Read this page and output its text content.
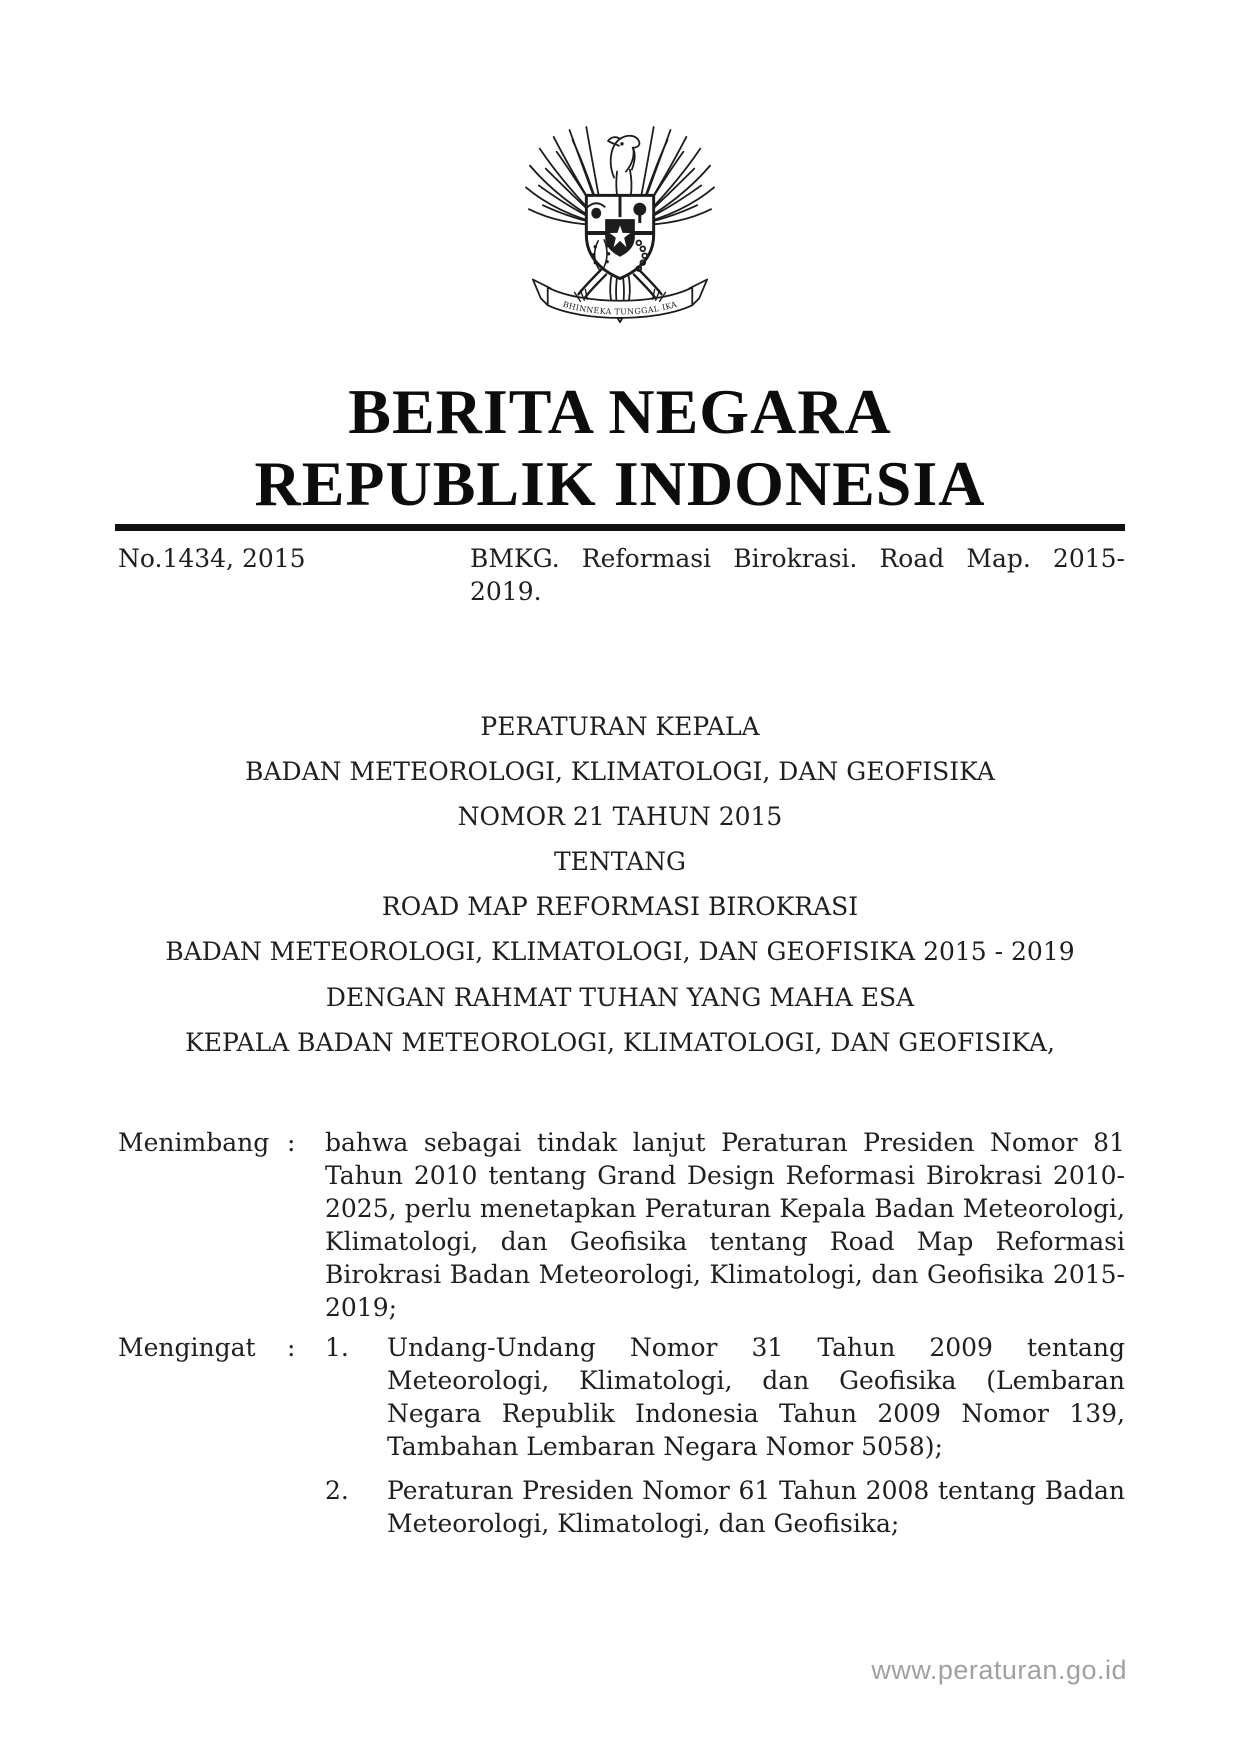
BHINNEKA TUNGGAL IKA
BERITA NEGARA
REPUBLIK INDONESIA
No.1434, 2015	BMKG. Reformasi Birokrasi. Road Map. 2015-2019.
PERATURAN KEPALA
BADAN METEOROLOGI, KLIMATOLOGI, DAN GEOFISIKA
NOMOR 21 TAHUN 2015
TENTANG
ROAD MAP REFORMASI BIROKRASI
BADAN METEOROLOGI, KLIMATOLOGI, DAN GEOFISIKA 2015 - 2019
DENGAN RAHMAT TUHAN YANG MAHA ESA
KEPALA BADAN METEOROLOGI, KLIMATOLOGI, DAN GEOFISIKA,
Menimbang :	bahwa sebagai tindak lanjut Peraturan Presiden Nomor 81 Tahun 2010 tentang Grand Design Reformasi Birokrasi 2010-2025, perlu menetapkan Peraturan Kepala Badan Meteorologi, Klimatologi, dan Geofisika tentang Road Map Reformasi Birokrasi Badan Meteorologi, Klimatologi, dan Geofisika 2015-2019;
Mengingat	:	1.	Undang-Undang Nomor 31 Tahun 2009 tentang Meteorologi, Klimatologi, dan Geofisika (Lembaran Negara Republik Indonesia Tahun 2009 Nomor 139, Tambahan Lembaran Negara Nomor 5058);
2.	Peraturan Presiden Nomor 61 Tahun 2008 tentang Badan Meteorologi, Klimatologi, dan Geofisika;
www.peraturan.go.id
